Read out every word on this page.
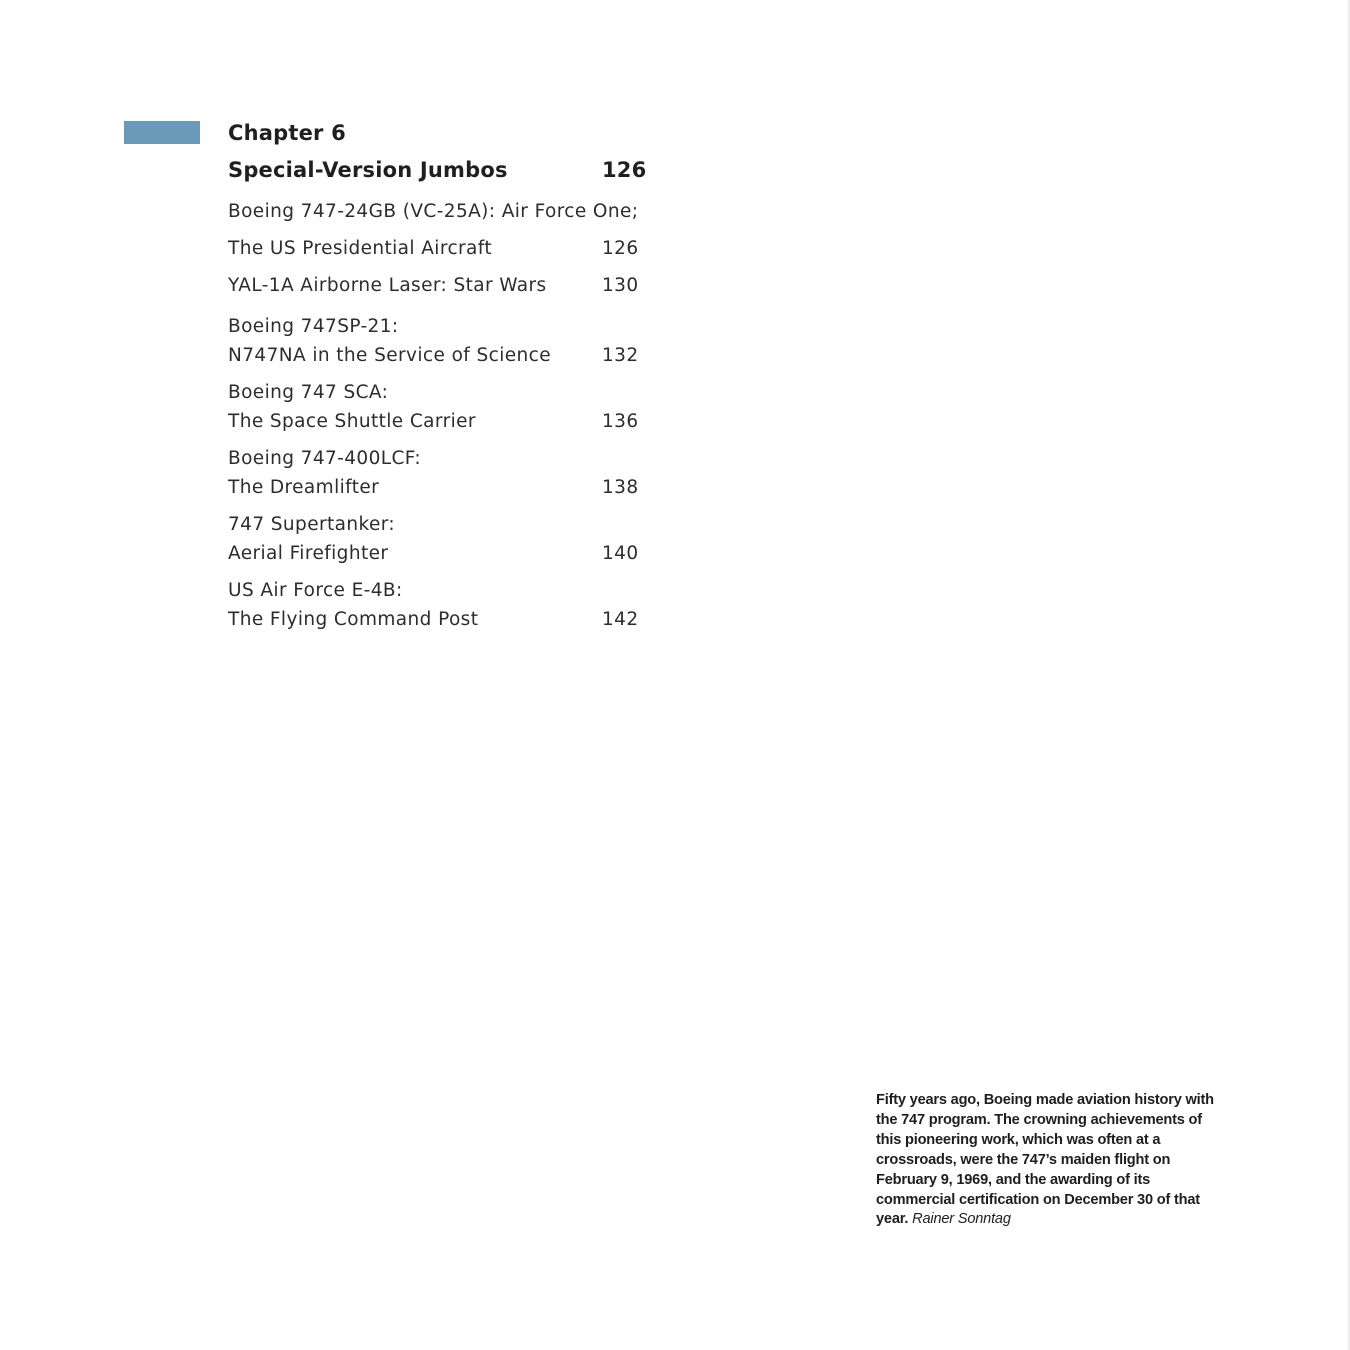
Chapter 6
Special-Version Jumbos	126
Boeing 747-24GB (VC-25A): Air Force One;
The US Presidential Aircraft	126
YAL-1A Airborne Laser: Star Wars	130
Boeing 747SP-21:
N747NA in the Service of Science	132
Boeing 747 SCA:
The Space Shuttle Carrier	136
Boeing 747-400LCF:
The Dreamlifter	138
747 Supertanker:
Aerial Firefighter	140
US Air Force E-4B:
The Flying Command Post	142

Fifty years ago, Boeing made aviation history with the 747 program. The crowning achievements of this pioneering work, which was often at a crossroads, were the 747’s maiden flight on February 9, 1969, and the awarding of its commercial certification on December 30 of that year. Rainer Sonntag
